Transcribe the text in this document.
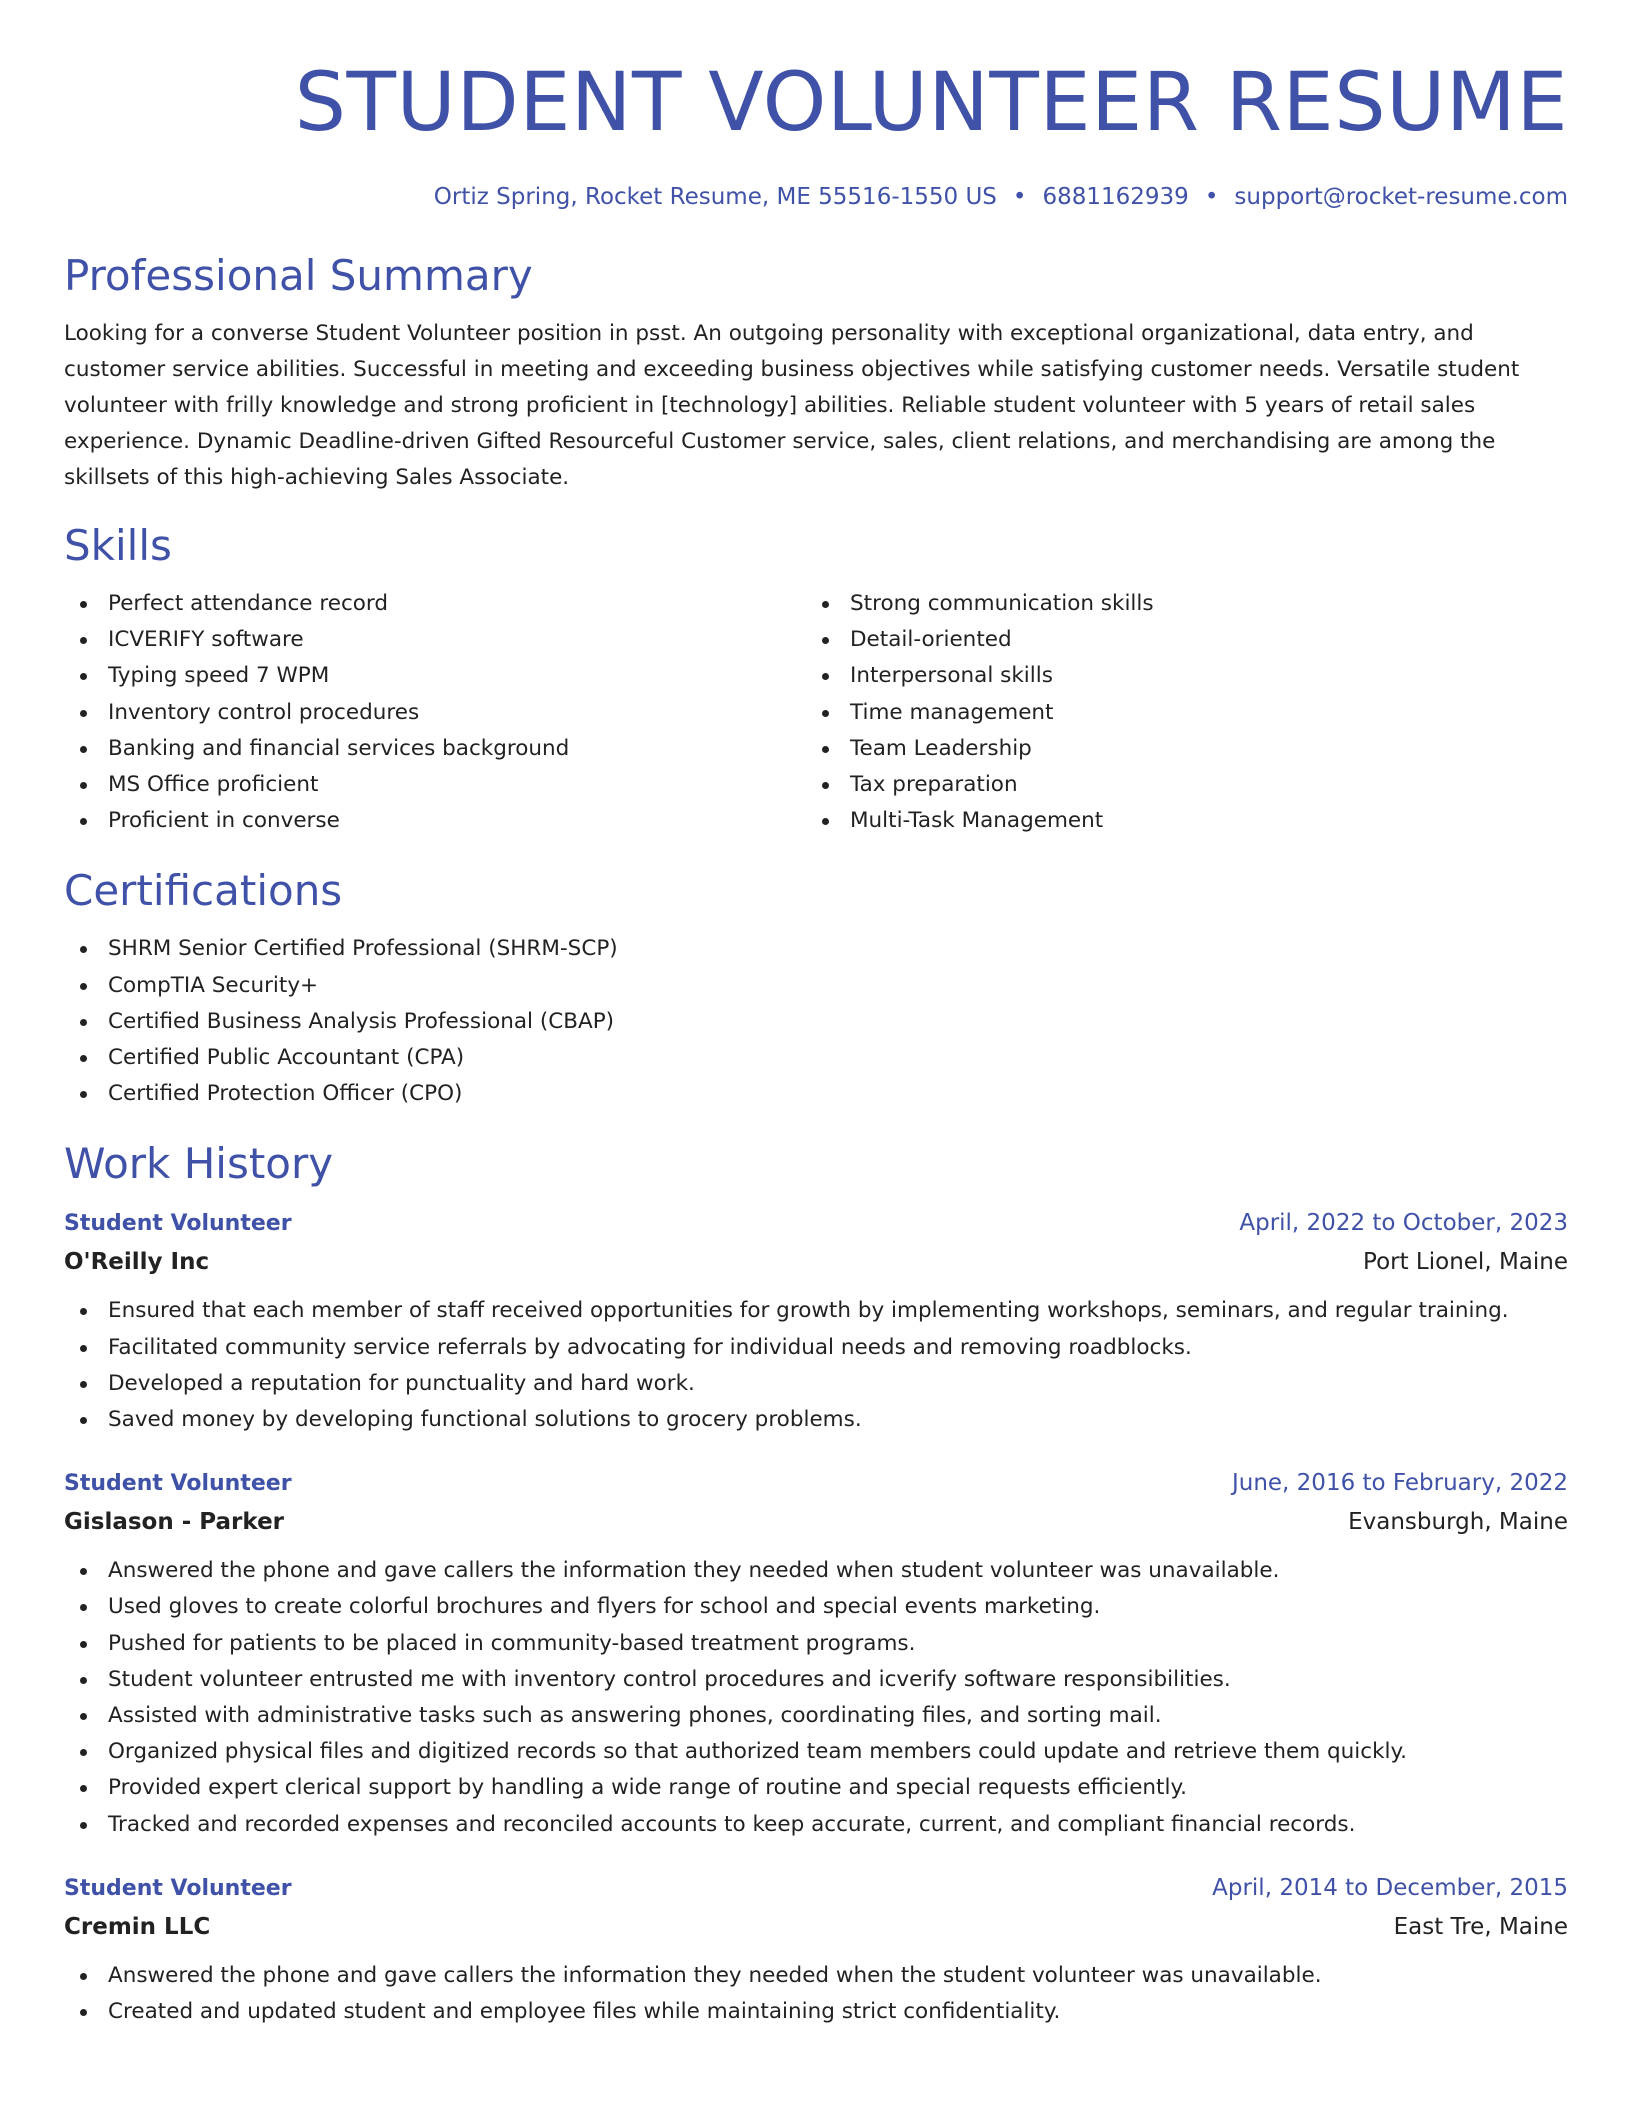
STUDENT VOLUNTEER RESUME
Ortiz Spring, Rocket Resume, ME 55516-1550 US • 6881162939 • support@rocket-resume.com
Professional Summary

Looking for a converse Student Volunteer position in psst. An outgoing personality with exceptional organizational, data entry, and customer service abilities. Successful in meeting and exceeding business objectives while satisfying customer needs. Versatile student volunteer with frilly knowledge and strong proficient in [technology] abilities. Reliable student volunteer with 5 years of retail sales experience. Dynamic Deadline-driven Gifted Resourceful Customer service, sales, client relations, and merchandising are among the skillsets of this high-achieving Sales Associate.

Skills
Perfect attendance record
ICVERIFY software
Typing speed 7 WPM
Inventory control procedures
Banking and financial services background
MS Office proficient
Proficient in converse
Strong communication skills
Detail-oriented
Interpersonal skills
Time management
Team Leadership
Tax preparation
Multi-Task Management
Certifications
SHRM Senior Certified Professional (SHRM-SCP)
CompTIA Security+
Certified Business Analysis Professional (CBAP)
Certified Public Accountant (CPA)
Certified Protection Officer (CPO)
Work History
Student Volunteer	April, 2022 to October, 2023
O'Reilly Inc	Port Lionel, Maine
Ensured that each member of staff received opportunities for growth by implementing workshops, seminars, and regular training.
Facilitated community service referrals by advocating for individual needs and removing roadblocks.
Developed a reputation for punctuality and hard work.
Saved money by developing functional solutions to grocery problems.
Student Volunteer	June, 2016 to February, 2022
Gislason - Parker	Evansburgh, Maine
Answered the phone and gave callers the information they needed when student volunteer was unavailable.
Used gloves to create colorful brochures and flyers for school and special events marketing.
Pushed for patients to be placed in community-based treatment programs.
Student volunteer entrusted me with inventory control procedures and icverify software responsibilities.
Assisted with administrative tasks such as answering phones, coordinating files, and sorting mail.
Organized physical files and digitized records so that authorized team members could update and retrieve them quickly.
Provided expert clerical support by handling a wide range of routine and special requests efficiently.
Tracked and recorded expenses and reconciled accounts to keep accurate, current, and compliant financial records.
Student Volunteer	April, 2014 to December, 2015
Cremin LLC	East Tre, Maine
Answered the phone and gave callers the information they needed when the student volunteer was unavailable.
Created and updated student and employee files while maintaining strict confidentiality.
